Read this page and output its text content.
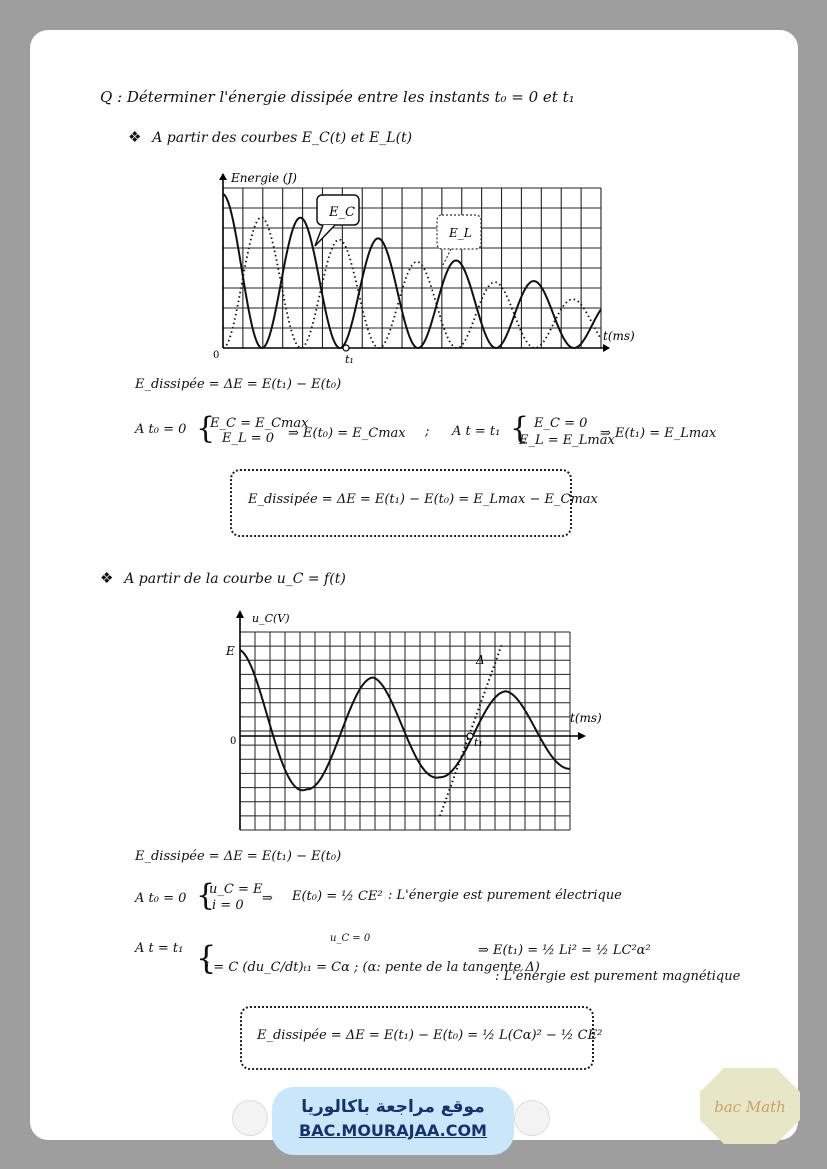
Q : Déterminer l'énergie dissipée entre les instants t₀ = 0 et t₁
❖ A partir des courbes E_C(t) et E_L(t)
Energie (J)
t(ms)
0	t₁
E_C
E_L
E_dissipée = ΔE = E(t₁) − E(t₀)
A t₀ = 0 {
E_C = E_Cmax
E_L = 0 ⇒ E(t₀) = E_Cmax ; A t = t₁ { E_C = 0
E_L = E_Lmax
⇒ E(t₁) = E_Lmax
E_dissipée = ΔE = E(t₁) − E(t₀) = E_Lmax − E_Cmax
❖ A partir de la courbe u_C = f(t)
u_C(V)
t(ms)
0
E
Δ
t₁
E_dissipée = ΔE = E(t₁) − E(t₀)
A t₀ = 0 {
u_C = E
i = 0 ⇒ E(t₀) = ½ CE² : L'énergie est purement électrique
A t = t₁ {
u_C = 0
i = C (du_C/dt)ₜ₁ = Cα ; (α: pente de la tangente Δ)
⇒ E(t₁) = ½ Li² = ½ LC²α²
: L'énergie est purement magnétique
E_dissipée = ΔE = E(t₁) − E(t₀) = ½ L(Cα)² − ½ CE²
موقع مراجعة باكالوريا
BAC.MOURAJAA.COM
bac Math
